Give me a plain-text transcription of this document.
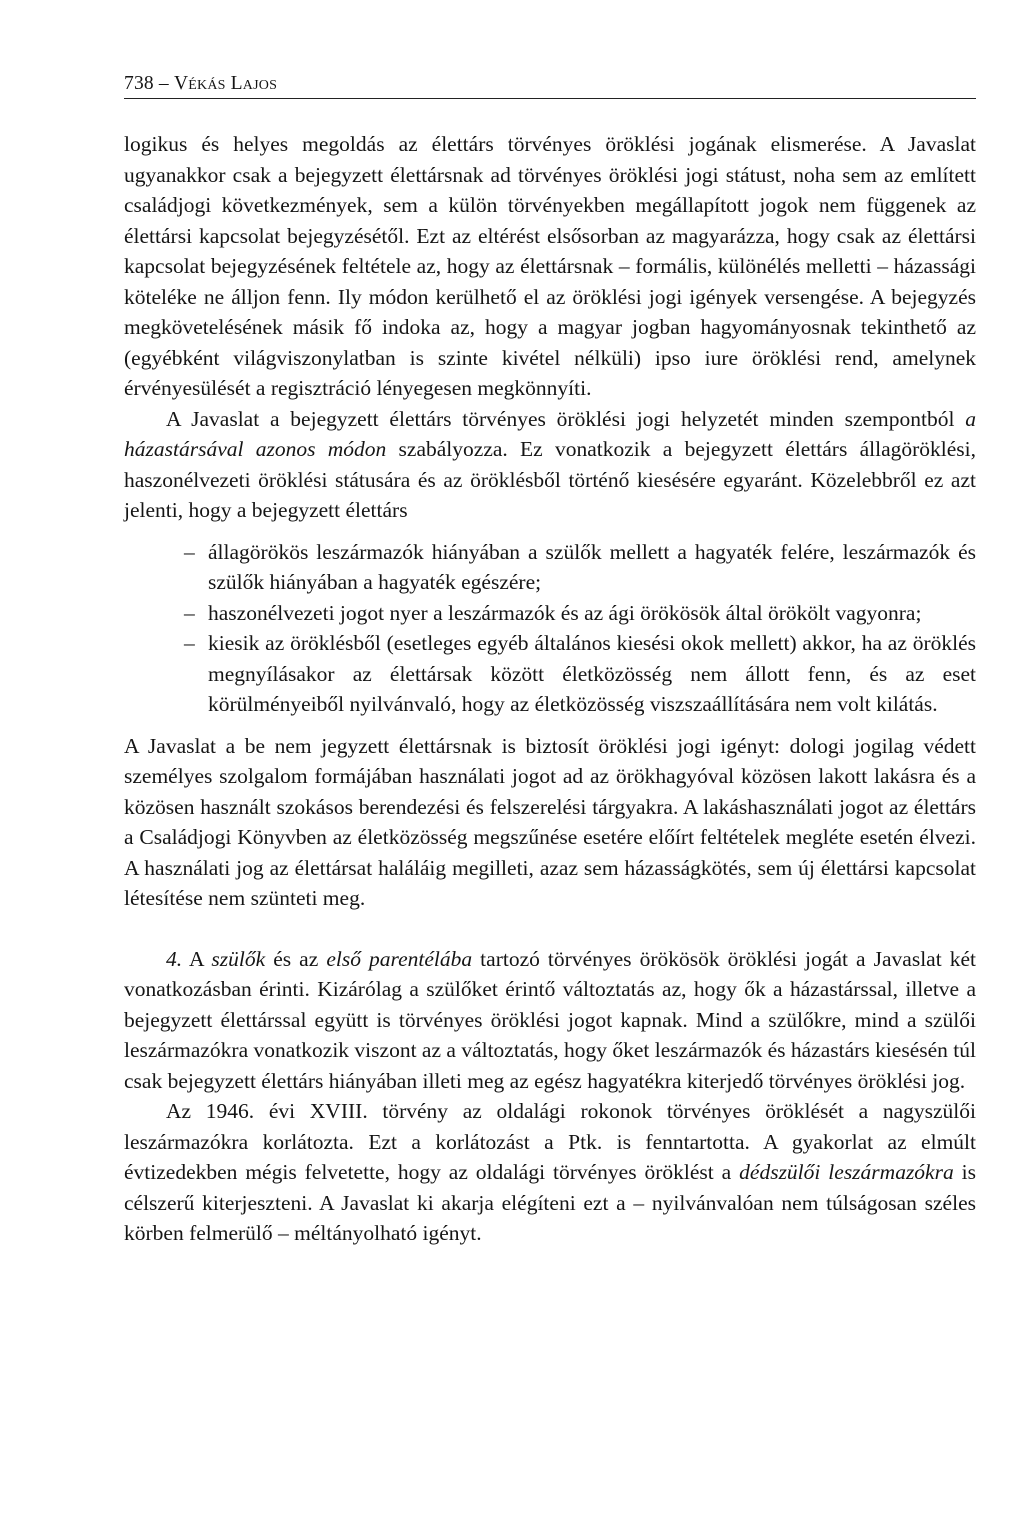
738 – Vékás Lajos

logikus és helyes megoldás az élettárs törvényes öröklési jogának elismerése. A Javaslat ugyanakkor csak a bejegyzett élettársnak ad törvényes öröklési jogi státust, noha sem az említett családjogi következmények, sem a külön törvényekben megállapított jogok nem függenek az élettársi kapcsolat bejegyzésétől. Ezt az eltérést elsősorban az magyarázza, hogy csak az élettársi kapcsolat bejegyzésének feltétele az, hogy az élettársnak – formális, különélés melletti – házassági köteléke ne álljon fenn. Ily módon kerülhető el az öröklési jogi igények versengése. A bejegyzés megkövetelésének másik fő indoka az, hogy a magyar jogban hagyományosnak tekinthető az (egyébként világviszonylatban is szinte kivétel nélküli) ipso iure öröklési rend, amelynek érvényesülését a regisztráció lényegesen megkönnyíti.

A Javaslat a bejegyzett élettárs törvényes öröklési jogi helyzetét minden szempontból a házastársával azonos módon szabályozza. Ez vonatkozik a bejegyzett élettárs állagöröklési, haszonélvezeti öröklési státusára és az öröklésből történő kiesésére egyaránt. Közelebbről ez azt jelenti, hogy a bejegyzett élettárs

– állagörökös leszármazók hiányában a szülők mellett a hagyaték felére, leszármazók és szülők hiányában a hagyaték egészére;
– haszonélvezeti jogot nyer a leszármazók és az ági örökösök által örökölt vagyonra;
– kiesik az öröklésből (esetleges egyéb általános kiesési okok mellett) akkor, ha az öröklés megnyílásakor az élettársak között életközösség nem állott fenn, és az eset körülményeiből nyilvánvaló, hogy az életközösség viszszaállítására nem volt kilátás.

A Javaslat a be nem jegyzett élettársnak is biztosít öröklési jogi igényt: dologi jogilag védett személyes szolgalom formájában használati jogot ad az örökhagyóval közösen lakott lakásra és a közösen használt szokásos berendezési és felszerelési tárgyakra. A lakáshasználati jogot az élettárs a Családjogi Könyvben az életközösség megszűnése esetére előírt feltételek megléte esetén élvezi. A használati jog az élettársat haláláig megilleti, azaz sem házasságkötés, sem új élettársi kapcsolat létesítése nem szünteti meg.

4. A szülők és az első parentélába tartozó törvényes örökösök öröklési jogát a Javaslat két vonatkozásban érinti. Kizárólag a szülőket érintő változtatás az, hogy ők a házastárssal, illetve a bejegyzett élettárssal együtt is törvényes öröklési jogot kapnak. Mind a szülőkre, mind a szülői leszármazókra vonatkozik viszont az a változtatás, hogy őket leszármazók és házastárs kiesésén túl csak bejegyzett élettárs hiányában illeti meg az egész hagyatékra kiterjedő törvényes öröklési jog.

Az 1946. évi XVIII. törvény az oldalági rokonok törvényes öröklését a nagyszülői leszármazókra korlátozta. Ezt a korlátozást a Ptk. is fenntartotta. A gyakorlat az elmúlt évtizedekben mégis felvetette, hogy az oldalági törvényes öröklést a dédszülői leszármazókra is célszerű kiterjeszteni. A Javaslat ki akarja elégíteni ezt a – nyilvánvalóan nem túlságosan széles körben felmerülő – méltányolható igényt.
